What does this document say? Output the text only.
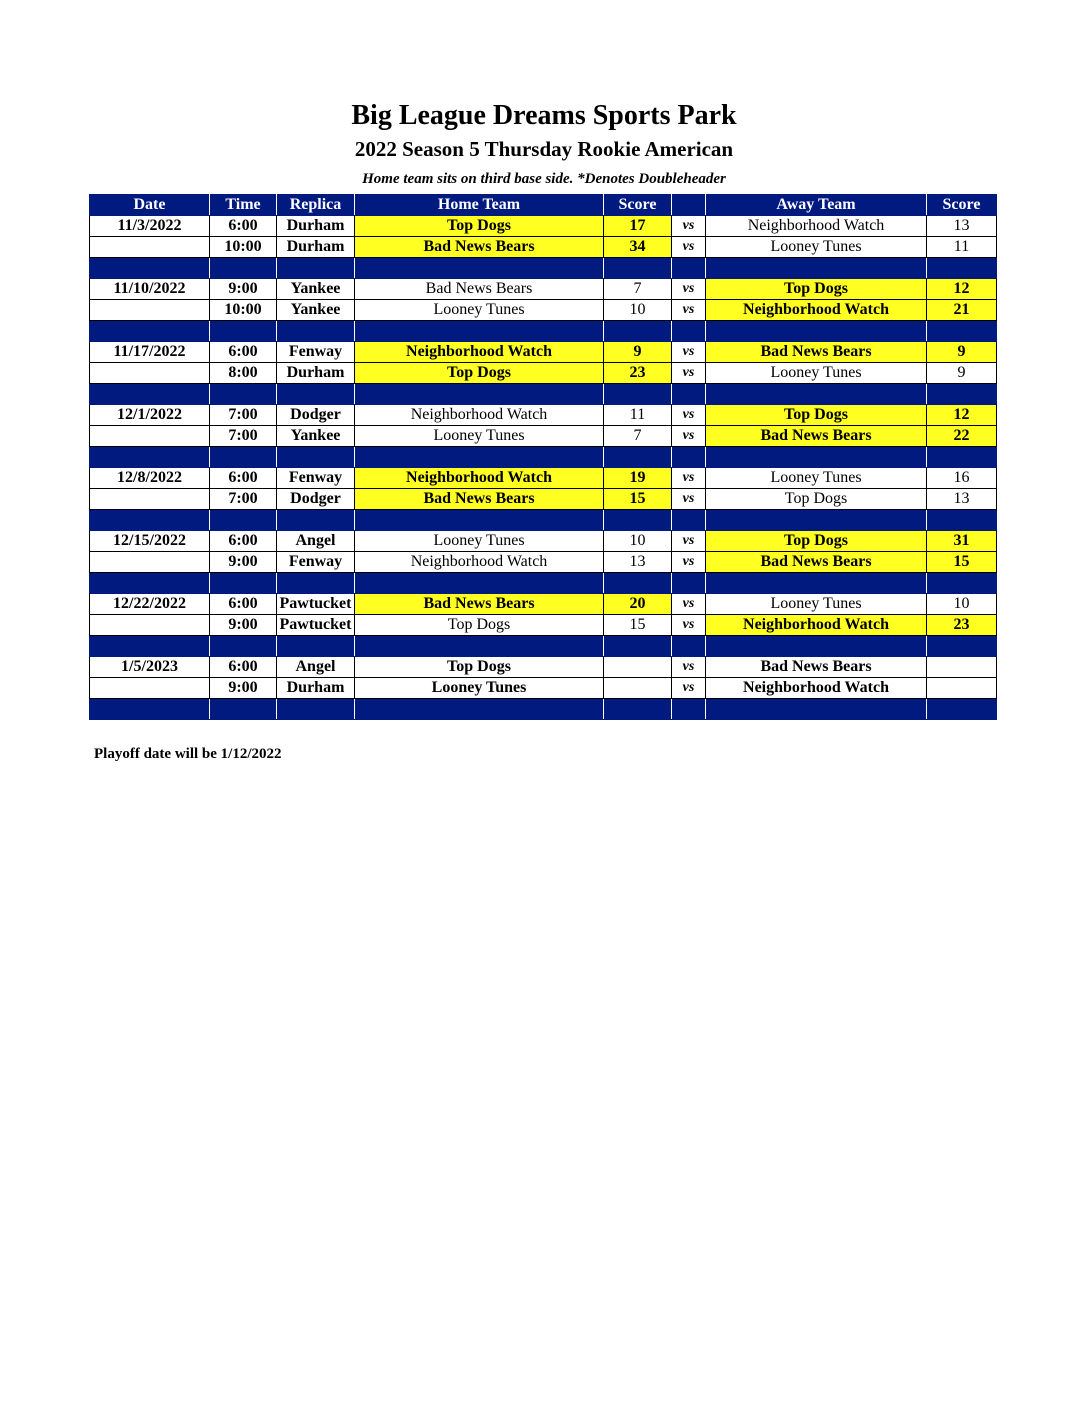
Big League Dreams Sports Park
2022 Season 5 Thursday Rookie American
Home team sits on third base side. *Denotes Doubleheader
Date	Time	Replica	Home Team	Score		Away Team	Score
11/3/2022	6:00	Durham	Top Dogs	17	vs	Neighborhood Watch	13
	10:00	Durham	Bad News Bears	34	vs	Looney Tunes	11

11/10/2022	9:00	Yankee	Bad News Bears	7	vs	Top Dogs	12
	10:00	Yankee	Looney Tunes	10	vs	Neighborhood Watch	21

11/17/2022	6:00	Fenway	Neighborhood Watch	9	vs	Bad News Bears	9
	8:00	Durham	Top Dogs	23	vs	Looney Tunes	9

12/1/2022	7:00	Dodger	Neighborhood Watch	11	vs	Top Dogs	12
	7:00	Yankee	Looney Tunes	7	vs	Bad News Bears	22

12/8/2022	6:00	Fenway	Neighborhood Watch	19	vs	Looney Tunes	16
	7:00	Dodger	Bad News Bears	15	vs	Top Dogs	13

12/15/2022	6:00	Angel	Looney Tunes	10	vs	Top Dogs	31
	9:00	Fenway	Neighborhood Watch	13	vs	Bad News Bears	15

12/22/2022	6:00	Pawtucket	Bad News Bears	20	vs	Looney Tunes	10
	9:00	Pawtucket	Top Dogs	15	vs	Neighborhood Watch	23

1/5/2023	6:00	Angel	Top Dogs		vs	Bad News Bears	
	9:00	Durham	Looney Tunes		vs	Neighborhood Watch	

Playoff date will be 1/12/2022
